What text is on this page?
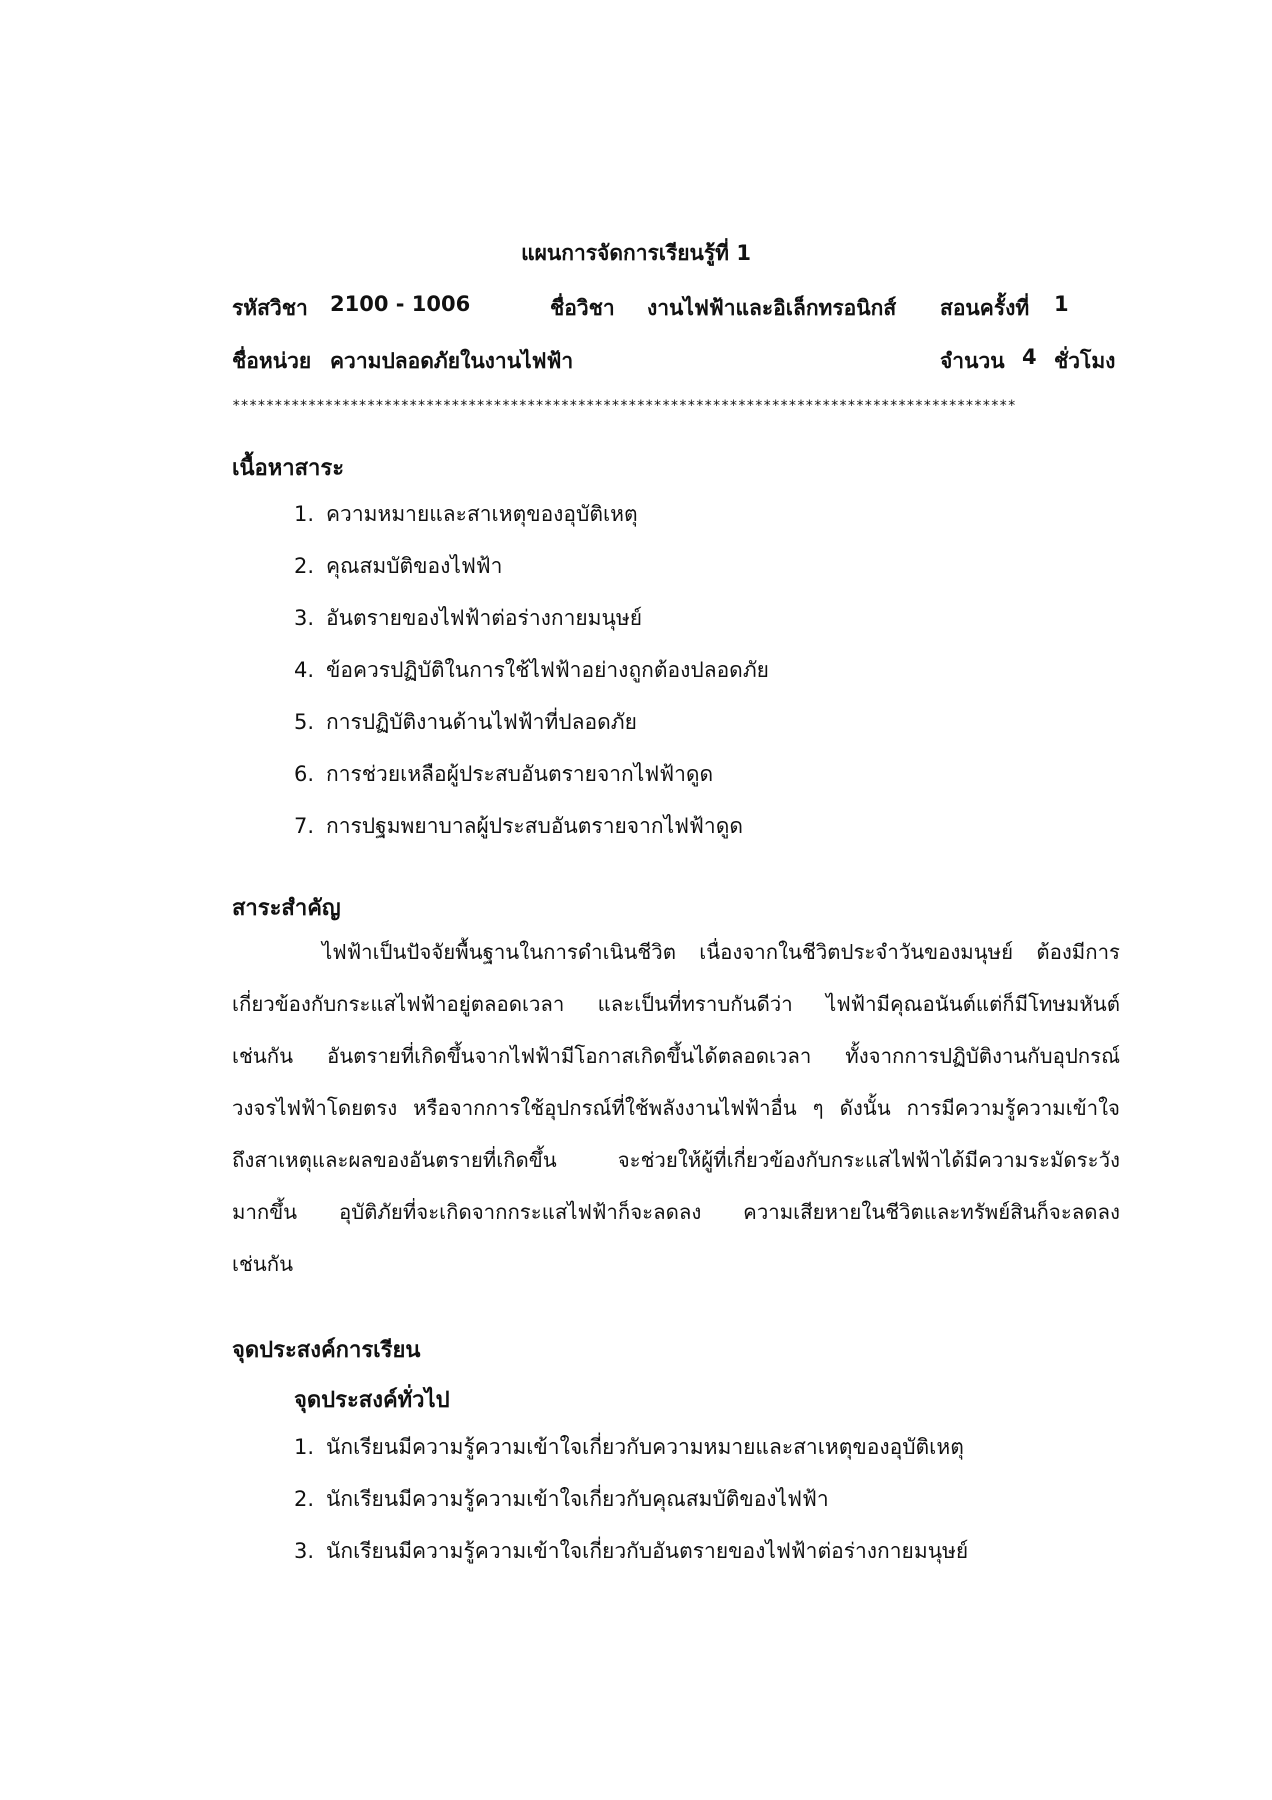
แผนการจัดการเรียนรู้ที่ 1
รหัสวิชา 2100 - 1006	ชื่อวิชา งานไฟฟ้าและอิเล็กทรอนิกส์ สอนครั้งที่ 1
ชื่อหน่วย ความปลอดภัยในงานไฟฟ้า	จำนวน 4 ชั่วโมง
*********************************************************************************************
เนื้อหาสาระ
1. ความหมายและสาเหตุของอุบัติเหตุ
2. คุณสมบัติของไฟฟ้า
3. อันตรายของไฟฟ้าต่อร่างกายมนุษย์
4. ข้อควรปฏิบัติในการใช้ไฟฟ้าอย่างถูกต้องปลอดภัย
5. การปฏิบัติงานด้านไฟฟ้าที่ปลอดภัย
6. การช่วยเหลือผู้ประสบอันตรายจากไฟฟ้าดูด
7. การปฐมพยาบาลผู้ประสบอันตรายจากไฟฟ้าดูด
สาระสำคัญ
ไฟฟ้าเป็นปัจจัยพื้นฐานในการดำเนินชีวิต เนื่องจากในชีวิตประจำวันของมนุษย์ ต้องมีการ
เกี่ยวข้องกับกระแสไฟฟ้าอยู่ตลอดเวลา และเป็นที่ทราบกันดีว่า ไฟฟ้ามีคุณอนันต์แต่ก็มีโทษมหันต์
เช่นกัน อันตรายที่เกิดขึ้นจากไฟฟ้ามีโอกาสเกิดขึ้นได้ตลอดเวลา ทั้งจากการปฏิบัติงานกับอุปกรณ์
วงจรไฟฟ้าโดยตรง หรือจากการใช้อุปกรณ์ที่ใช้พลังงานไฟฟ้าอื่น ๆ ดังนั้น การมีความรู้ความเข้าใจ
ถึงสาเหตุและผลของอันตรายที่เกิดขึ้น จะช่วยให้ผู้ที่เกี่ยวข้องกับกระแสไฟฟ้าได้มีความระมัดระวัง
มากขึ้น อุบัติภัยที่จะเกิดจากกระแสไฟฟ้าก็จะลดลง ความเสียหายในชีวิตและทรัพย์สินก็จะลดลง
เช่นกัน
จุดประสงค์การเรียน
จุดประสงค์ทั่วไป
1. นักเรียนมีความรู้ความเข้าใจเกี่ยวกับความหมายและสาเหตุของอุบัติเหตุ
2. นักเรียนมีความรู้ความเข้าใจเกี่ยวกับคุณสมบัติของไฟฟ้า
3. นักเรียนมีความรู้ความเข้าใจเกี่ยวกับอันตรายของไฟฟ้าต่อร่างกายมนุษย์
